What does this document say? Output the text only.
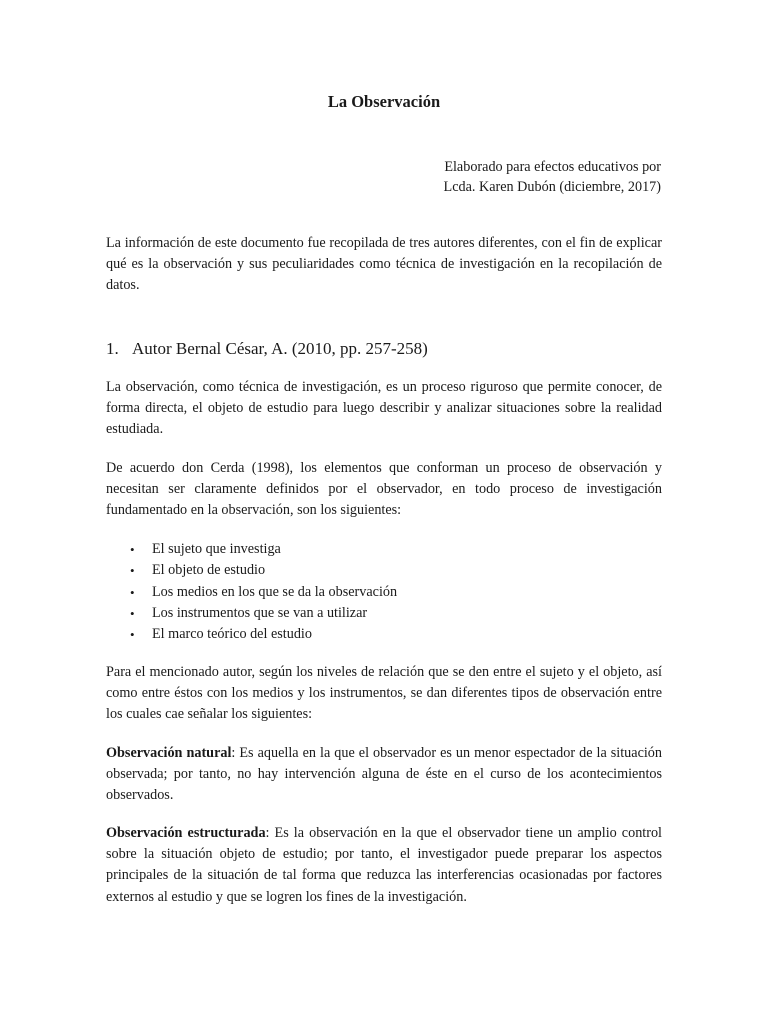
La Observación
Elaborado para efectos educativos por
Lcda. Karen Dubón (diciembre, 2017)

La información de este documento fue recopilada de tres autores diferentes, con el fin de explicar qué es la observación y sus peculiaridades como técnica de investigación en la recopilación de datos.

1. Autor Bernal César, A. (2010, pp. 257-258)

La observación, como técnica de investigación, es un proceso riguroso que permite conocer, de forma directa, el objeto de estudio para luego describir y analizar situaciones sobre la realidad estudiada.

De acuerdo don Cerda (1998), los elementos que conforman un proceso de observación y necesitan ser claramente definidos por el observador, en todo proceso de investigación fundamentado en la observación, son los siguientes:

• El sujeto que investiga
• El objeto de estudio
• Los medios en los que se da la observación
• Los instrumentos que se van a utilizar
• El marco teórico del estudio

Para el mencionado autor, según los niveles de relación que se den entre el sujeto y el objeto, así como entre éstos con los medios y los instrumentos, se dan diferentes tipos de observación entre los cuales cae señalar los siguientes:

Observación natural: Es aquella en la que el observador es un menor espectador de la situación observada; por tanto, no hay intervención alguna de éste en el curso de los acontecimientos observados.

Observación estructurada: Es la observación en la que el observador tiene un amplio control sobre la situación objeto de estudio; por tanto, el investigador puede preparar los aspectos principales de la situación de tal forma que reduzca las interferencias ocasionadas por factores externos al estudio y que se logren los fines de la investigación.
